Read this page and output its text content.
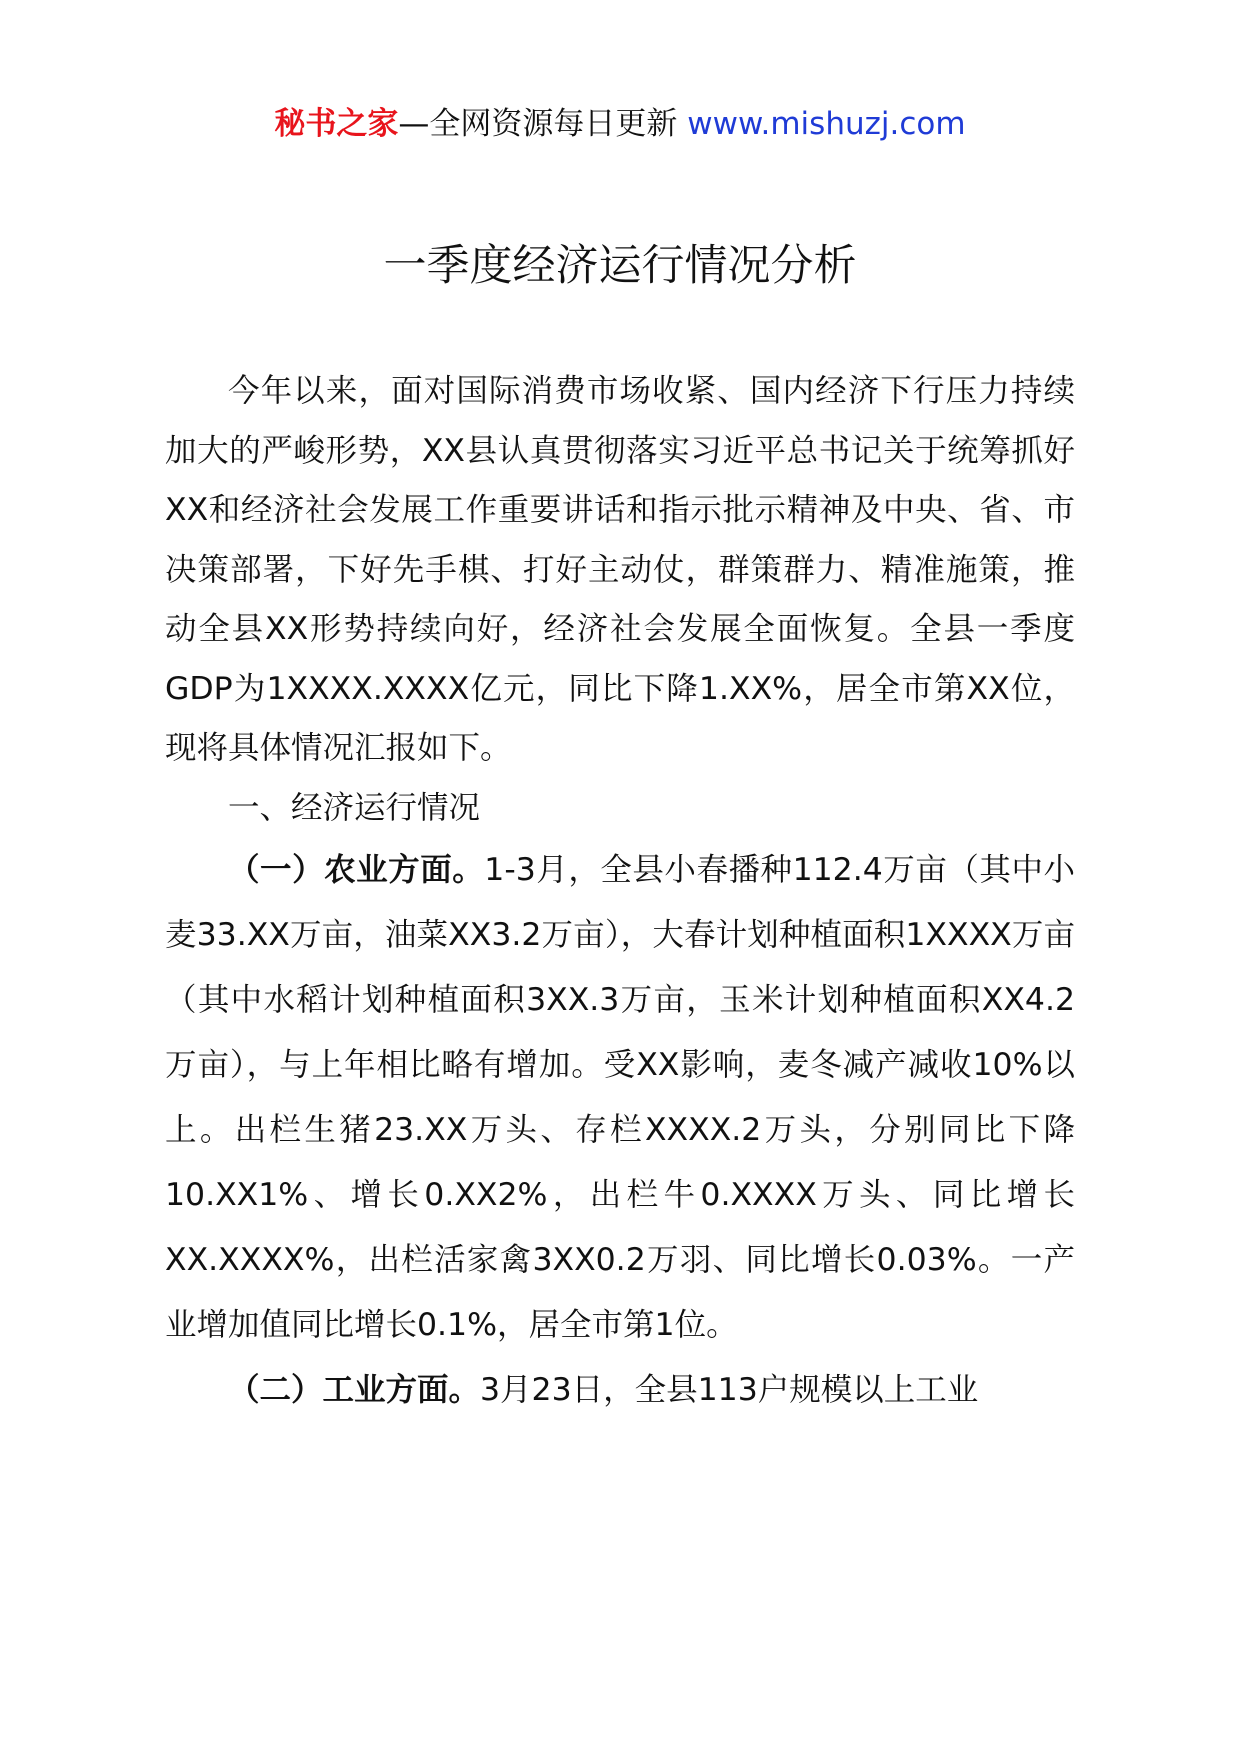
秘书之家—全网资源每日更新 www.mishuzj.com
一季度经济运行情况分析

今年以来，面对国际消费市场收紧、国内经济下行压力持续加大的严峻形势，XX县认真贯彻落实习近平总书记关于统筹抓好XX和经济社会发展工作重要讲话和指示批示精神及中央、省、市决策部署，下好先手棋、打好主动仗，群策群力、精准施策，推动全县XX形势持续向好，经济社会发展全面恢复。全县一季度GDP为1XXXX.XXXX亿元，同比下降1.XX%，居全市第XX位，现将具体情况汇报如下。

一、经济运行情况

（一）农业方面。1-3月，全县小春播种112.4万亩（其中小麦33.XX万亩，油菜XX3.2万亩），大春计划种植面积1XXXX万亩（其中水稻计划种植面积3XX.3万亩，玉米计划种植面积XX4.2万亩），与上年相比略有增加。受XX影响，麦冬减产减收10%以上。出栏生猪23.XX万头、存栏XXXX.2万头，分别同比下降10.XX1%、增长0.XX2%，出栏牛0.XXXX万头、同比增长XX.XXXX%，出栏活家禽3XX0.2万羽、同比增长0.03%。一产业增加值同比增长0.1%，居全市第1位。

（二）工业方面。3月23日，全县113户规模以上工业
